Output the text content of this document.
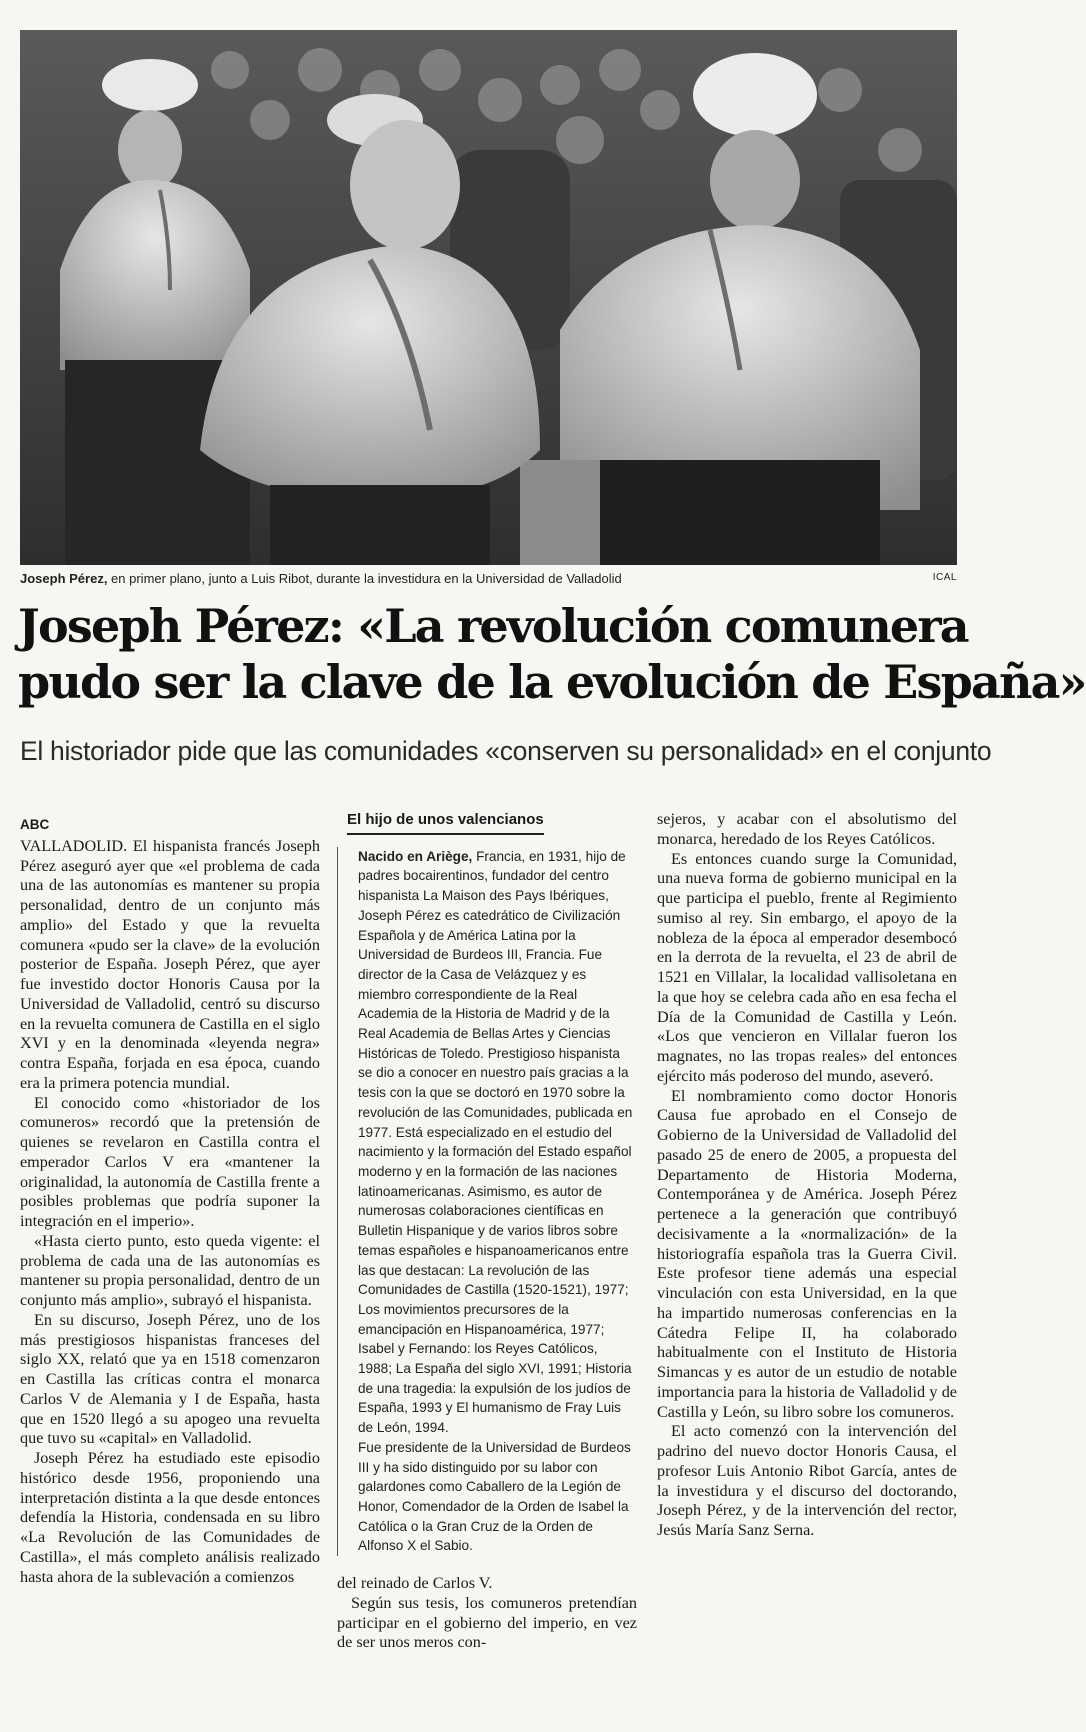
Joseph Pérez, en primer plano, junto a Luis Ribot, durante la investidura en la Universidad de Valladolid	ICAL
Joseph Pérez: «La revolución comunera
pudo ser la clave de la evolución de España»
El historiador pide que las comunidades «conserven su personalidad» en el conjunto
ABC

VALLADOLID. El hispanista francés Joseph Pérez aseguró ayer que «el problema de cada una de las autonomías es mantener su propia personalidad, dentro de un conjunto más amplio» del Estado y que la revuelta comunera «pudo ser la clave» de la evolución posterior de España. Joseph Pérez, que ayer fue investido doctor Honoris Causa por la Universidad de Valladolid, centró su discurso en la revuelta comunera de Castilla en el siglo XVI y en la denominada «leyenda negra» contra España, forjada en esa época, cuando era la primera potencia mundial.

El conocido como «historiador de los comuneros» recordó que la pretensión de quienes se revelaron en Castilla contra el emperador Carlos V era «mantener la originalidad, la autonomía de Castilla frente a posibles problemas que podría suponer la integración en el imperio».

«Hasta cierto punto, esto queda vigente: el problema de cada una de las autonomías es mantener su propia personalidad, dentro de un conjunto más amplio», subrayó el hispanista.

En su discurso, Joseph Pérez, uno de los más prestigiosos hispanistas franceses del siglo XX, relató que ya en 1518 comenzaron en Castilla las críticas contra el monarca Carlos V de Alemania y I de España, hasta que en 1520 llegó a su apogeo una revuelta que tuvo su «capital» en Valladolid.

Joseph Pérez ha estudiado este episodio histórico desde 1956, proponiendo una interpretación distinta a la que desde entonces defendía la Historia, condensada en su libro «La Revolución de las Comunidades de Castilla», el más completo análisis realizado hasta ahora de la sublevación a comienzos

El hijo de unos valencianos

Nacido en Ariège, Francia, en 1931, hijo de padres bocairentinos, fundador del centro hispanista La Maison des Pays Ibériques, Joseph Pérez es catedrático de Civilización Española y de América Latina por la Universidad de Burdeos III, Francia. Fue director de la Casa de Velázquez y es miembro correspondiente de la Real Academia de la Historia de Madrid y de la Real Academia de Bellas Artes y Ciencias Históricas de Toledo. Prestigioso hispanista se dio a conocer en nuestro país gracias a la tesis con la que se doctoró en 1970 sobre la revolución de las Comunidades, publicada en 1977. Está especializado en el estudio del nacimiento y la formación del Estado español moderno y en la formación de las naciones latinoamericanas. Asimismo, es autor de numerosas colaboraciones científicas en Bulletin Hispanique y de varios libros sobre temas españoles e hispanoamericanos entre las que destacan: La revolución de las Comunidades de Castilla (1520-1521), 1977; Los movimientos precursores de la emancipación en Hispanoamérica, 1977; Isabel y Fernando: los Reyes Católicos, 1988; La España del siglo XVI, 1991; Historia de una tragedia: la expulsión de los judíos de España, 1993 y El humanismo de Fray Luis de León, 1994.

Fue presidente de la Universidad de Burdeos III y ha sido distinguido por su labor con galardones como Caballero de la Legión de Honor, Comendador de la Orden de Isabel la Católica o la Gran Cruz de la Orden de Alfonso X el Sabio.

del reinado de Carlos V.

Según sus tesis, los comuneros pretendían participar en el gobierno del imperio, en vez de ser unos meros con-

sejeros, y acabar con el absolutismo del monarca, heredado de los Reyes Católicos.

Es entonces cuando surge la Comunidad, una nueva forma de gobierno municipal en la que participa el pueblo, frente al Regimiento sumiso al rey. Sin embargo, el apoyo de la nobleza de la época al emperador desembocó en la derrota de la revuelta, el 23 de abril de 1521 en Villalar, la localidad vallisoletana en la que hoy se celebra cada año en esa fecha el Día de la Comunidad de Castilla y León. «Los que vencieron en Villalar fueron los magnates, no las tropas reales» del entonces ejército más poderoso del mundo, aseveró.

El nombramiento como doctor Honoris Causa fue aprobado en el Consejo de Gobierno de la Universidad de Valladolid del pasado 25 de enero de 2005, a propuesta del Departamento de Historia Moderna, Contemporánea y de América. Joseph Pérez pertenece a la generación que contribuyó decisivamente a la «normalización» de la historiografía española tras la Guerra Civil. Este profesor tiene además una especial vinculación con esta Universidad, en la que ha impartido numerosas conferencias en la Cátedra Felipe II, ha colaborado habitualmente con el Instituto de Historia Simancas y es autor de un estudio de notable importancia para la historia de Valladolid y de Castilla y León, su libro sobre los comuneros.

El acto comenzó con la intervención del padrino del nuevo doctor Honoris Causa, el profesor Luis Antonio Ribot García, antes de la investidura y el discurso del doctorando, Joseph Pérez, y de la intervención del rector, Jesús María Sanz Serna.
